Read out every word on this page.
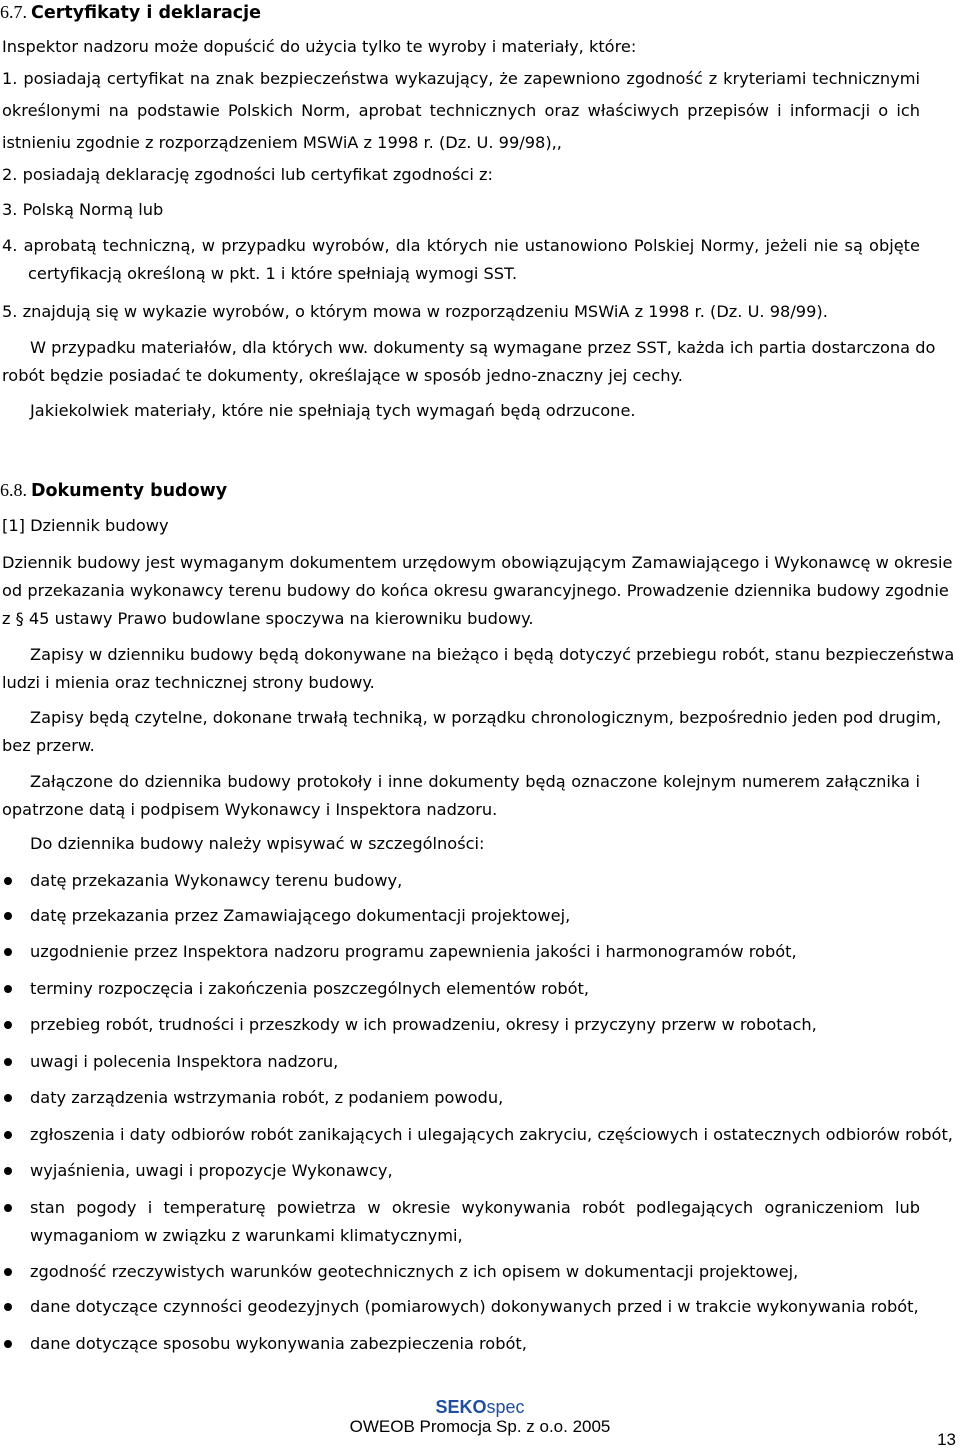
6.7. Certyfikaty i deklaracje
Inspektor nadzoru może dopuścić do użycia tylko te wyroby i materiały, które:
1. posiadają certyfikat na znak bezpieczeństwa wykazujący, że zapewniono zgodność z kryteriami technicznymi
określonymi na podstawie Polskich Norm, aprobat technicznych oraz właściwych przepisów i informacji o ich
istnieniu zgodnie z rozporządzeniem MSWiA z 1998 r. (Dz. U. 99/98),,
2. posiadają deklarację zgodności lub certyfikat zgodności z:
3. Polską Normą lub
4. aprobatą techniczną, w przypadku wyrobów, dla których nie ustanowiono Polskiej Normy, jeżeli nie są objęte
certyfikacją określoną w pkt. 1 i które spełniają wymogi SST.
5. znajdują się w wykazie wyrobów, o którym mowa w rozporządzeniu MSWiA z 1998 r. (Dz. U. 98/99).
W przypadku materiałów, dla których ww. dokumenty są wymagane przez SST, każda ich partia dostarczona do
robót będzie posiadać te dokumenty, określające w sposób jedno-znaczny jej cechy.
Jakiekolwiek materiały, które nie spełniają tych wymagań będą odrzucone.
6.8. Dokumenty budowy
[1] Dziennik budowy
Dziennik budowy jest wymaganym dokumentem urzędowym obowiązującym Zamawiającego i Wykonawcę w okresie
od przekazania wykonawcy terenu budowy do końca okresu gwarancyjnego. Prowadzenie dziennika budowy zgodnie
z § 45 ustawy Prawo budowlane spoczywa na kierowniku budowy.
Zapisy w dzienniku budowy będą dokonywane na bieżąco i będą dotyczyć przebiegu robót, stanu bezpieczeństwa
ludzi i mienia oraz technicznej strony budowy.
Zapisy będą czytelne, dokonane trwałą techniką, w porządku chronologicznym, bezpośrednio jeden pod drugim,
bez przerw.
Załączone do dziennika budowy protokoły i inne dokumenty będą oznaczone kolejnym numerem załącznika i
opatrzone datą i podpisem Wykonawcy i Inspektora nadzoru.
Do dziennika budowy należy wpisywać w szczególności:
datę przekazania Wykonawcy terenu budowy,
datę przekazania przez Zamawiającego dokumentacji projektowej,
uzgodnienie przez Inspektora nadzoru programu zapewnienia jakości i harmonogramów robót,
terminy rozpoczęcia i zakończenia poszczególnych elementów robót,
przebieg robót, trudności i przeszkody w ich prowadzeniu, okresy i przyczyny przerw w robotach,
uwagi i polecenia Inspektora nadzoru,
daty zarządzenia wstrzymania robót, z podaniem powodu,
zgłoszenia i daty odbiorów robót zanikających i ulegających zakryciu, częściowych i ostatecznych odbiorów robót,
wyjaśnienia, uwagi i propozycje Wykonawcy,
stan pogody i temperaturę powietrza w okresie wykonywania robót podlegających ograniczeniom lub
wymaganiom w związku z warunkami klimatycznymi,
zgodność rzeczywistych warunków geotechnicznych z ich opisem w dokumentacji projektowej,
dane dotyczące czynności geodezyjnych (pomiarowych) dokonywanych przed i w trakcie wykonywania robót,
dane dotyczące sposobu wykonywania zabezpieczenia robót,
SEKOspec
OWEOB Promocja Sp. z o.o. 2005
13
